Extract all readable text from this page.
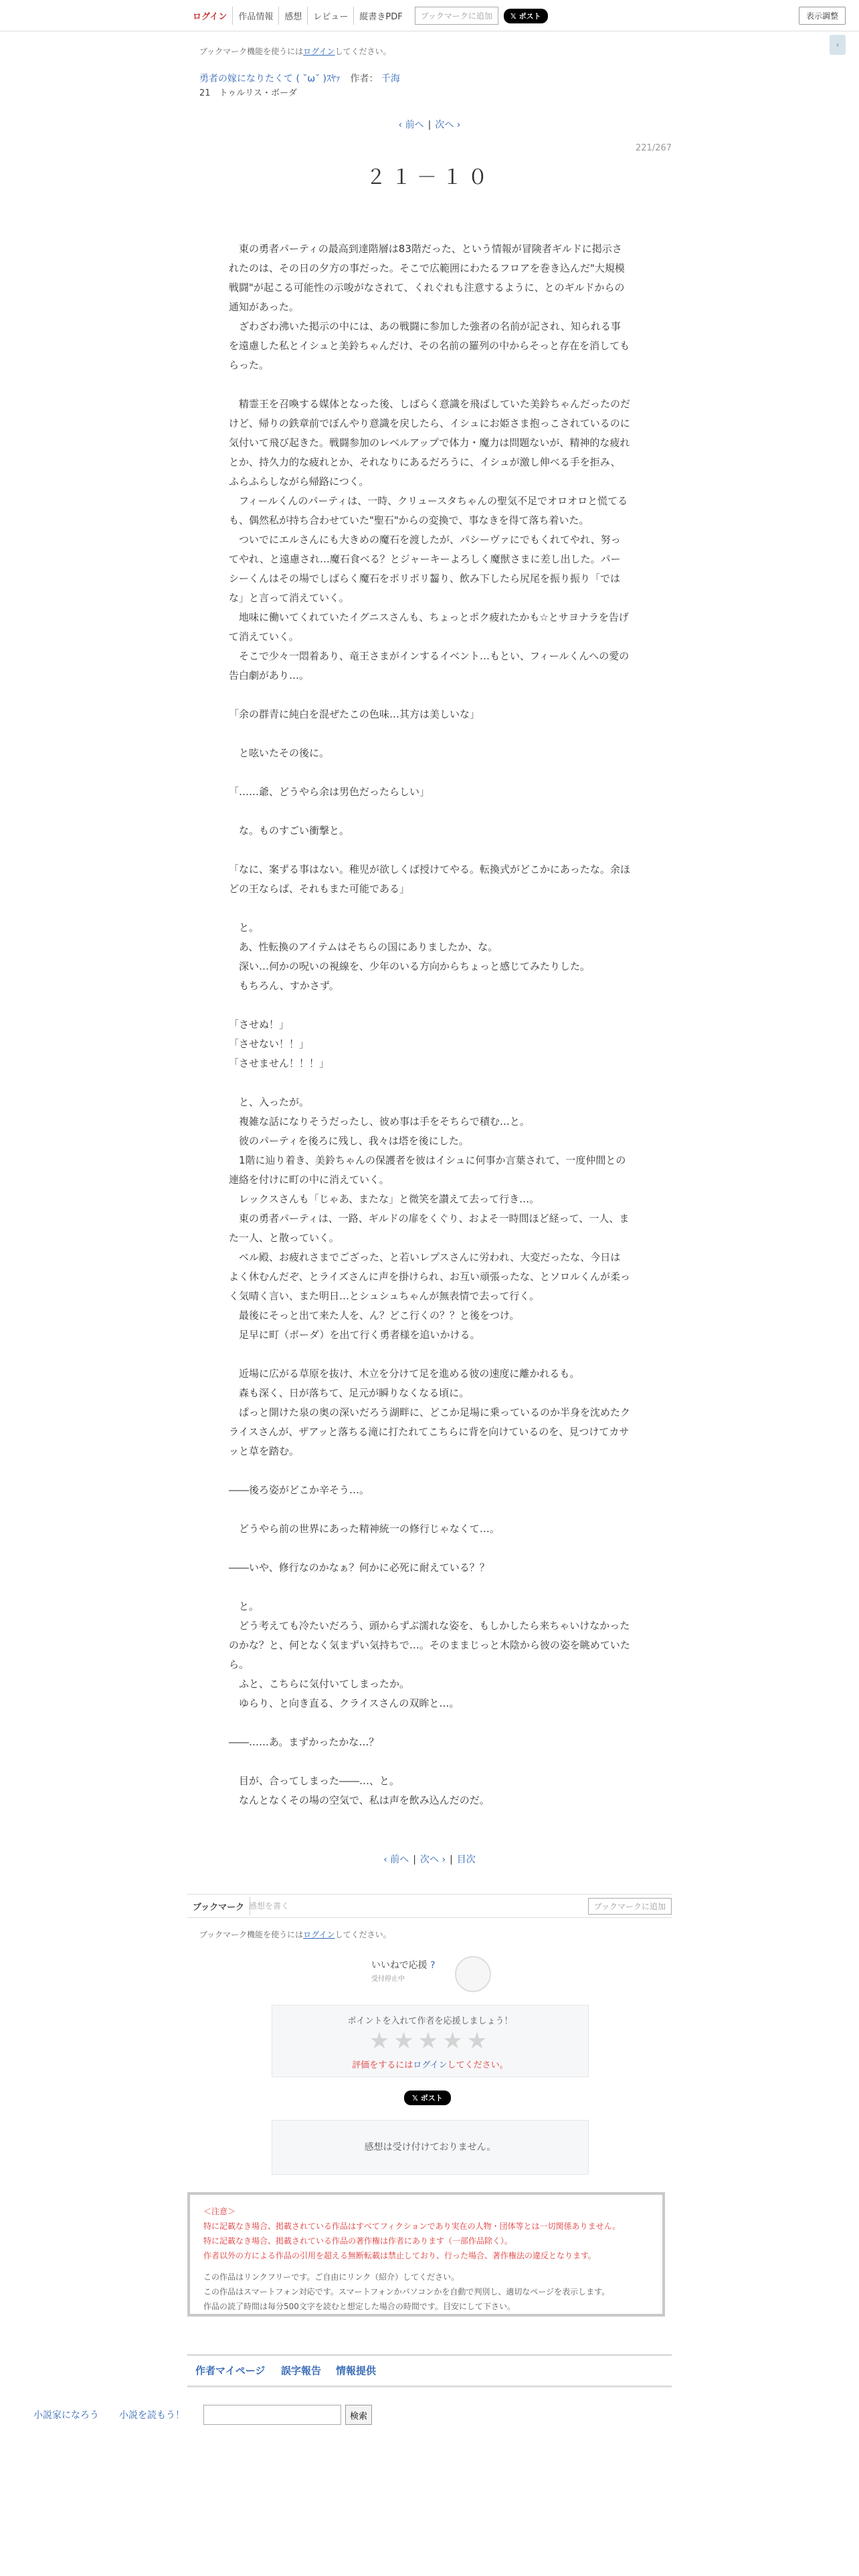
ログイン	作品情報	感想	レビュー	縦書きPDF	ブックマークに追加	𝕏 ポスト	表示調整
‹
ブックマーク機能を使うにはログインしてください。
勇者の嫁になりたくて ( ˘ω˘ )ｽﾔｧ 作者： 千海
21　トゥルリス・ボーダ
‹ 前へ | 次へ ›
221/267
２１－１０

　東の勇者パーティの最高到達階層は83階だった、という情報が冒険者ギルドに掲示されたのは、その日の夕方の事だった。そこで広範囲にわたるフロアを巻き込んだ"大規模戦闘"が起こる可能性の示唆がなされて、くれぐれも注意するように、とのギルドからの通知があった。

　ざわざわ沸いた掲示の中には、あの戦闘に参加した強者の名前が記され、知られる事を遠慮した私とイシュと美鈴ちゃんだけ、その名前の羅列の中からそっと存在を消してもらった。

　精霊王を召喚する媒体となった後、しばらく意識を飛ばしていた美鈴ちゃんだったのだけど、帰りの鉄章前でぼんやり意識を戻したら、イシュにお姫さま抱っこされているのに気付いて飛び起きた。戦闘参加のレベルアップで体力・魔力は問題ないが、精神的な疲れとか、持久力的な疲れとか、それなりにあるだろうに、イシュが激し伸べる手を拒み、ふらふらしながら帰路につく。

　フィールくんのパーティは、一時、クリュースタちゃんの聖気不足でオロオロと慌てるも、偶然私が持ち合わせていた"聖石"からの変換で、事なきを得て落ち着いた。

　ついでにエルさんにも大きめの魔石を渡したが、パシーヴァにでもくれてやれ、努ってやれ、と遠慮され…魔石食べる？とジャーキーよろしく魔獣さまに差し出した。パーシーくんはその場でしばらく魔石をポリポリ齧り、飲み下したら尻尾を振り振り「ではな」と言って消えていく。

　地味に働いてくれていたイグニスさんも、ちょっとポク疲れたかも☆とサヨナラを告げて消えていく。

　そこで少々一悶着あり、竜王さまがインするイベント…もとい、フィールくんへの愛の告白劇があり…。

「余の群青に純白を混ぜたこの色味…其方は美しいな」

　と呟いたその後に。

「……爺、どうやら余は男色だったらしい」

　な。ものすごい衝撃と。

「なに、案ずる事はない。稚児が欲しくば授けてやる。転換式がどこかにあったな。余ほどの王ならば、それもまた可能である」

　と。

　あ、性転換のアイテムはそちらの国にありましたか、な。

　深い…何かの呪いの視線を、少年のいる方向からちょっと感じてみたりした。

　もちろん、すかさず。

「させぬ！」

「させない！！」

「させません！！！」

　と、入ったが。

　複雑な話になりそうだったし、彼め事は手をそちらで積む…と。

　彼のパーティを後ろに残し、我々は塔を後にした。

　1階に辿り着き、美鈴ちゃんの保護者を彼はイシュに何事か言葉されて、一度仲間との連絡を付けに町の中に消えていく。

　レックスさんも「じゃあ、またな」と微笑を讃えて去って行き…。

　東の勇者パーティは、一路、ギルドの扉をくぐり、およそ一時間ほど経って、一人、また一人、と散っていく。

　ベル殿、お疲れさまでござった、と若いレプスさんに労われ、大変だったな、今日はよく休むんだぞ、とライズさんに声を掛けられ、お互い頑張ったな、とソロルくんが柔っく気晴く言い、また明日…とシュシュちゃんが無表情で去って行く。

　最後にそっと出て来た人を、ん？どこ行くの？？と後をつけ。

　足早に町（ボーダ）を出て行く勇者様を追いかける。

　近場に広がる草原を抜け、木立を分けて足を進める彼の速度に離かれるも。

　森も深く、日が落ちて、足元が瞬りなくなる頃に。

　ぱっと開けた泉の奥の深いだろう湖畔に、どこか足場に乗っているのか半身を沈めたクライスさんが、ザアッと落ちる滝に打たれてこちらに背を向けているのを、見つけてカサッと草を踏む。

――後ろ姿がどこか辛そう…。

　どうやら前の世界にあった精神統一の修行じゃなくて…。

――いや、修行なのかなぁ？何かに必死に耐えている？？

　と。

　どう考えても冷たいだろう、頭からずぶ濡れな姿を、もしかしたら来ちゃいけなかったのかな？と、何となく気まずい気持ちで…。そのままじっと木陰から彼の姿を眺めていたら。

　ふと、こちらに気付いてしまったか。

　ゆらり、と向き直る、クライスさんの双眸と…。

――……あ。まずかったかな…？

　目が、合ってしまった――…、と。

　なんとなくその場の空気で、私は声を飲み込んだのだ。

‹ 前へ | 次へ › | 目次
ブックマーク 感想を書く	ブックマークに追加
ブックマーク機能を使うにはログインしてください。
いいねで応援 ?
受付停止中
ポイントを入れて作者を応援しましょう！
★★★★★
評価をするにはログインしてください。
𝕏 ポスト
感想は受け付けておりません。

＜注意＞

特に記載なき場合、掲載されている作品はすべてフィクションであり実在の人物・団体等とは一切関係ありません。

特に記載なき場合、掲載されている作品の著作権は作者にあります（一部作品除く）。

作者以外の方による作品の引用を超える無断転載は禁止しており、行った場合、著作権法の違反となります。

この作品はリンクフリーです。ご自由にリンク（紹介）してください。

この作品はスマートフォン対応です。スマートフォンかパソコンかを自動で判別し、適切なページを表示します。

作品の読了時間は毎分500文字を読むと想定した場合の時間です。目安にして下さい。

作者マイページ 誤字報告 情報提供
小説家になろう 小説を読もう！	検索
